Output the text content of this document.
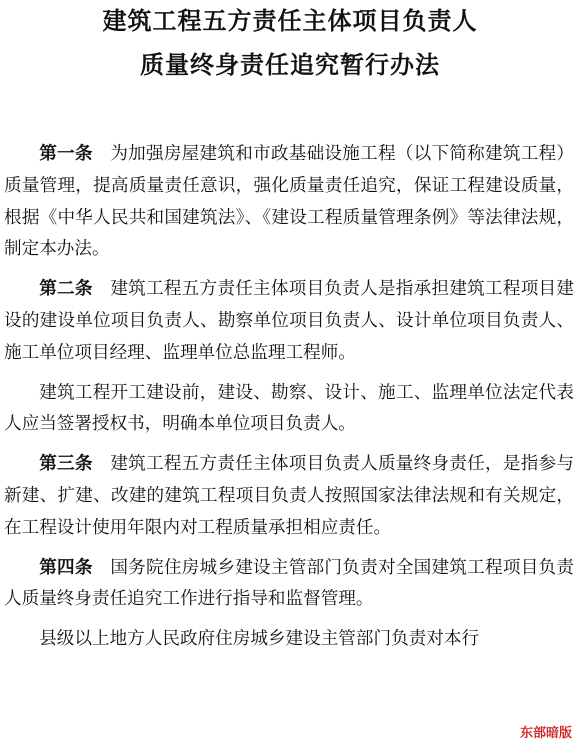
建筑工程五方责任主体项目负责人
质量终身责任追究暂行办法

第一条 为加强房屋建筑和市政基础设施工程（以下简称建筑工程）质量管理，提高质量责任意识，强化质量责任追究，保证工程建设质量，根据《中华人民共和国建筑法》、《建设工程质量管理条例》等法律法规，制定本办法。

第二条 建筑工程五方责任主体项目负责人是指承担建筑工程项目建设的建设单位项目负责人、勘察单位项目负责人、设计单位项目负责人、施工单位项目经理、监理单位总监理工程师。

建筑工程开工建设前，建设、勘察、设计、施工、监理单位法定代表人应当签署授权书，明确本单位项目负责人。

第三条 建筑工程五方责任主体项目负责人质量终身责任，是指参与新建、扩建、改建的建筑工程项目负责人按照国家法律法规和有关规定，在工程设计使用年限内对工程质量承担相应责任。

第四条 国务院住房城乡建设主管部门负责对全国建筑工程项目负责人质量终身责任追究工作进行指导和监督管理。

县级以上地方人民政府住房城乡建设主管部门负责对本行

东部暗版
